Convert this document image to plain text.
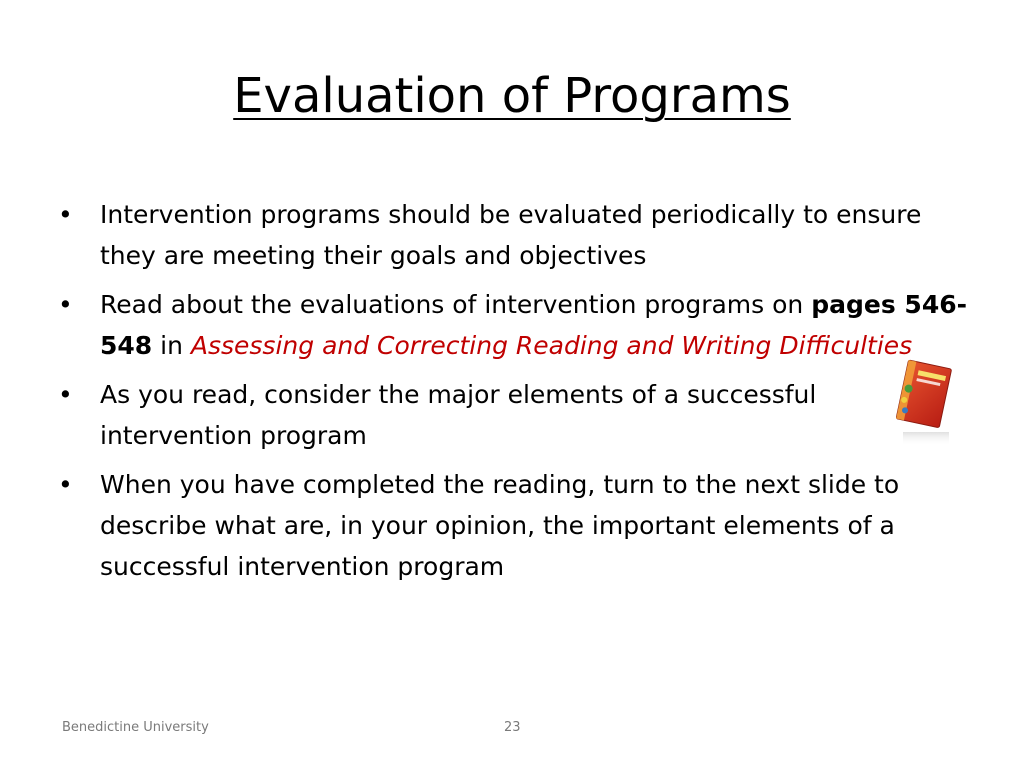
Evaluation of Programs
•	Intervention programs should be evaluated periodically to ensure they are meeting their goals and objectives
•	Read about the evaluations of intervention programs on pages 546-548 in Assessing and Correcting Reading and Writing Difficulties
•	As you read, consider the major elements of a successful intervention program
•	When you have completed the reading, turn to the next slide to describe what are, in your opinion, the important elements of a successful intervention program
Benedictine University	23
